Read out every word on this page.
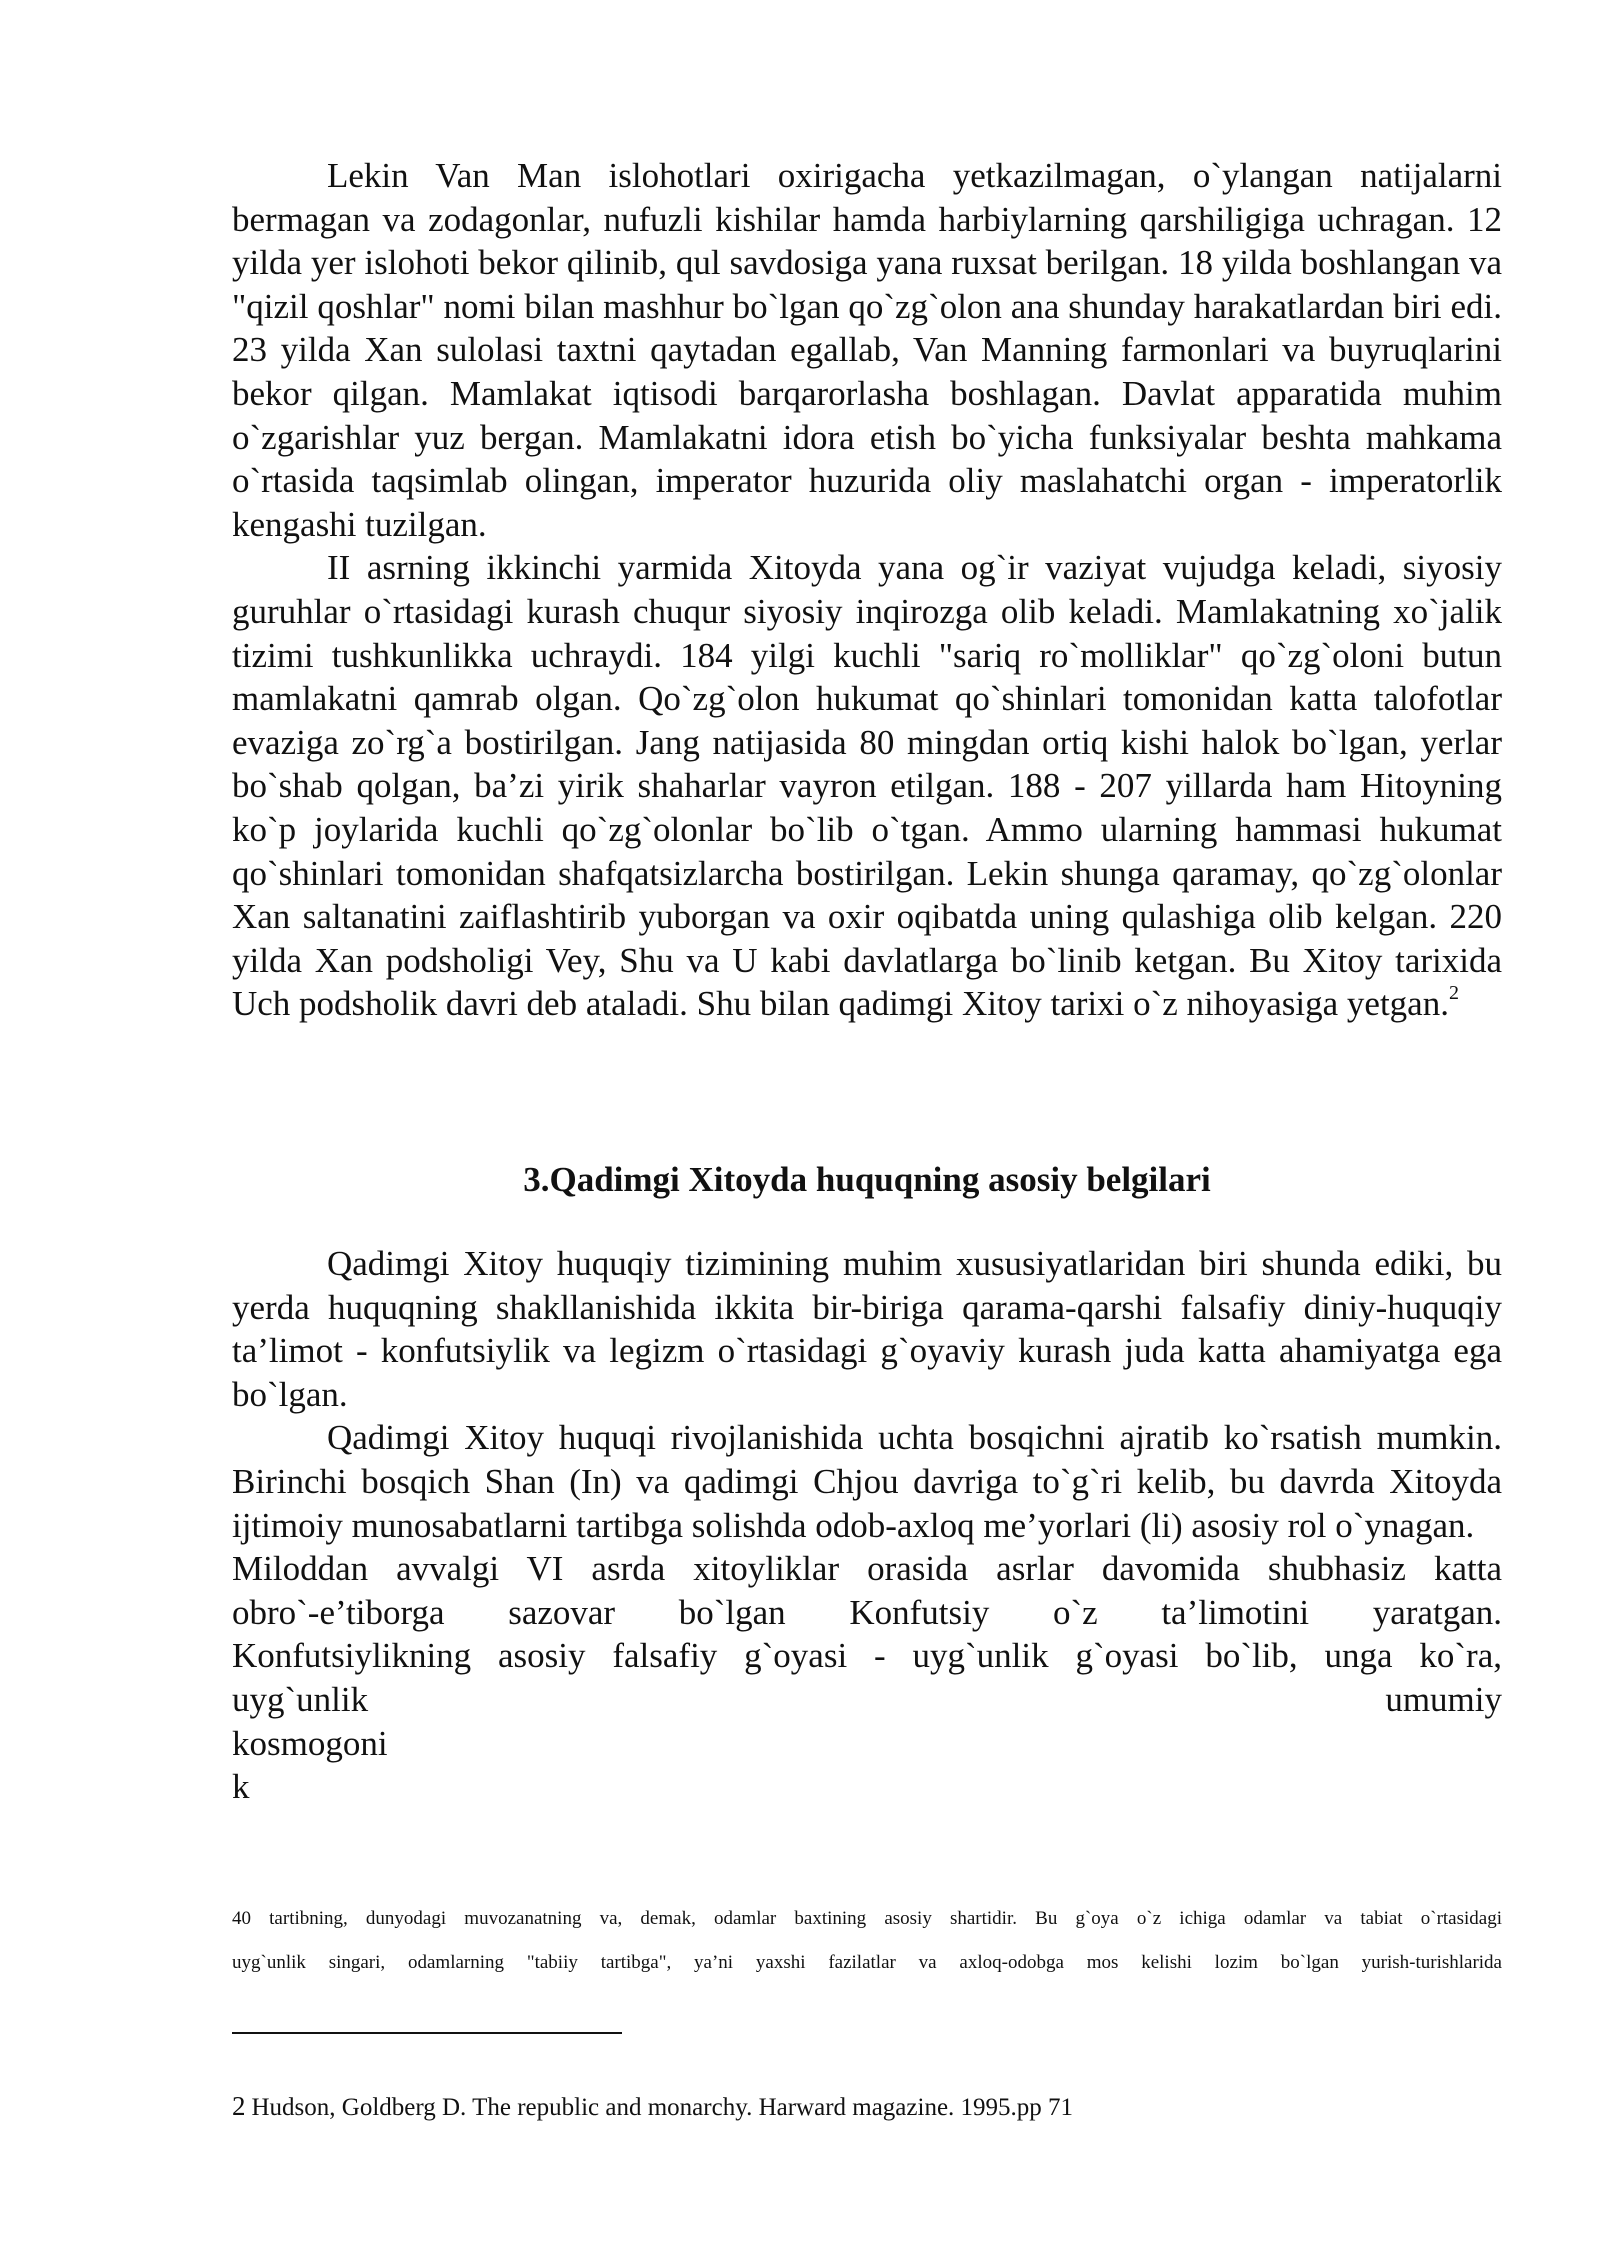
Lekin Van Man islohotlari oxirigacha yetkazilmagan, o`ylangan natijalarni bermagan va zodagonlar, nufuzli kishilar hamda harbiylarning qarshiligiga uchragan. 12 yilda yer islohoti bekor qilinib, qul savdosiga yana ruxsat berilgan. 18 yilda boshlangan va "qizil qoshlar" nomi bilan mashhur bo`lgan qo`zg`olon ana shunday harakatlardan biri edi. 23 yilda Xan sulolasi taxtni qaytadan egallab, Van Manning farmonlari va buyruqlarini bekor qilgan. Mamlakat iqtisodi barqarorlasha boshlagan. Davlat apparatida muhim o`zgarishlar yuz bergan. Mamlakatni idora etish bo`yicha funksiyalar beshta mahkama o`rtasida taqsimlab olingan, imperator huzurida oliy maslahatchi organ - imperatorlik kengashi tuzilgan.

II asrning ikkinchi yarmida Xitoyda yana og`ir vaziyat vujudga keladi, siyosiy guruhlar o`rtasidagi kurash chuqur siyosiy inqirozga olib keladi. Mamlakatning xo`jalik tizimi tushkunlikka uchraydi. 184 yilgi kuchli "sariq ro`molliklar" qo`zg`oloni butun mamlakatni qamrab olgan. Qo`zg`olon hukumat qo`shinlari tomonidan katta talofotlar evaziga zo`rg`a bostirilgan. Jang natijasida 80 mingdan ortiq kishi halok bo`lgan, yerlar bo`shab qolgan, ba’zi yirik shaharlar vayron etilgan. 188 - 207 yillarda ham Hitoyning ko`p joylarida kuchli qo`zg`olonlar bo`lib o`tgan. Ammo ularning hammasi hukumat qo`shinlari tomonidan shafqatsizlarcha bostirilgan. Lekin shunga qaramay, qo`zg`olonlar Xan saltanatini zaiflashtirib yuborgan va oxir oqibatda uning qulashiga olib kelgan. 220 yilda Xan podsholigi Vey, Shu va U kabi davlatlarga bo`linib ketgan. Bu Xitoy tarixida Uch podsholik davri deb ataladi. Shu bilan qadimgi Xitoy tarixi o`z nihoyasiga yetgan.$^2$

3.Qadimgi Xitoyda huquqning asosiy belgilari

Qadimgi Xitoy huquqiy tizimining muhim xususiyatlaridan biri shunda ediki, bu yerda huquqning shakllanishida ikkita bir-biriga qarama-qarshi falsafiy diniy-huquqiy ta’limot - konfutsiylik va legizm o`rtasidagi g`oyaviy kurash juda katta ahamiyatga ega bo`lgan.

Qadimgi Xitoy huquqi rivojlanishida uchta bosqichni ajratib ko`rsatish mumkin. Birinchi bosqich Shan (In) va qadimgi Chjou davriga to`g`ri kelib, bu davrda Xitoyda ijtimoiy munosabatlarni tartibga solishda odob-axloq me’yorlari (li) asosiy rol o`ynagan.

Miloddan avvalgi VI asrda xitoyliklar orasida asrlar davomida shubhasiz katta

obro`-e’tiborga sazovar bo`lgan Konfutsiy o`z ta’limotini yaratgan.

Konfutsiylikning asosiy falsafiy g`oyasi - uyg`unlik g`oyasi bo`lib, unga ko`ra,

uyg`unlik umumiy

kosmogoni

k

40 tartibning, dunyodagi muvozanatning va, demak, odamlar baxtining asosiy shartidir. Bu g`oya o`z ichiga odamlar va tabiat o`rtasidagi

uyg`unlik singari, odamlarning "tabiiy tartibga", ya’ni yaxshi fazilatlar va axloq-odobga mos kelishi lozim bo`lgan yurish-turishlarida

2 Hudson, Goldberg D. The republic and monarchy. Harward magazine. 1995.pp 71
